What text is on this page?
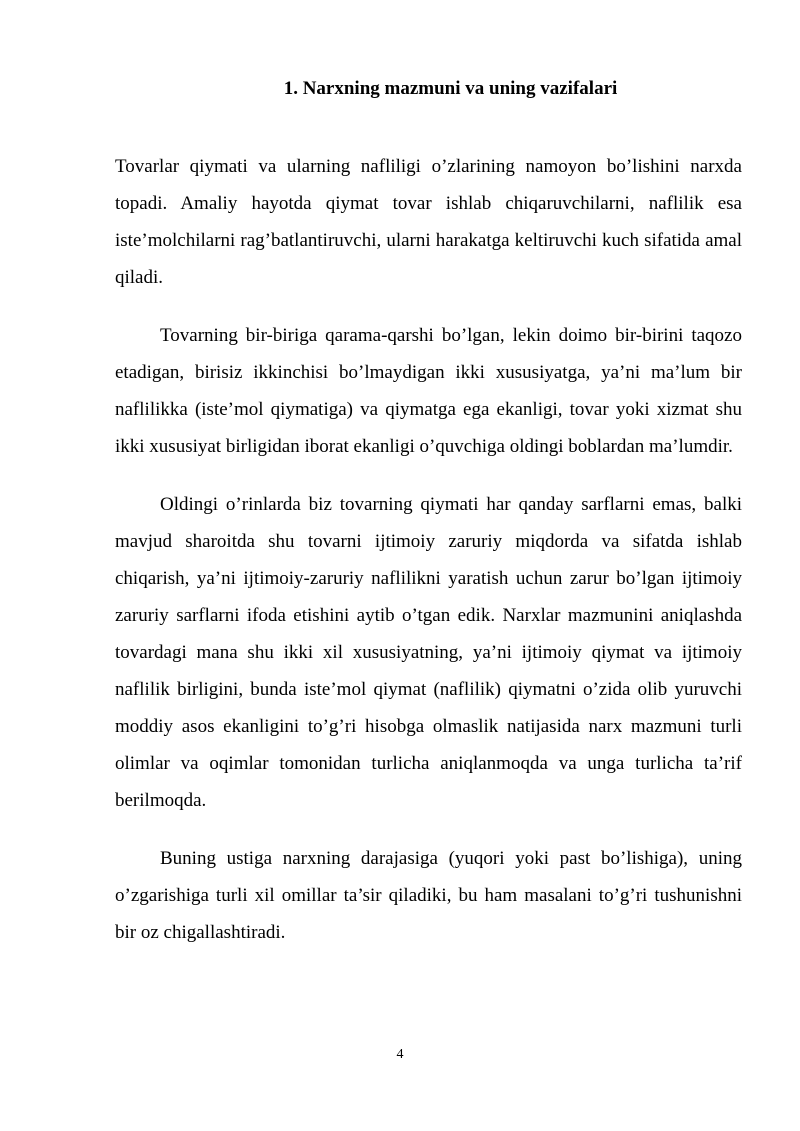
1. Narxning mazmuni va uning vazifalari

Tovarlar qiymati va ularning nafliligi o’zlarining namoyon bo’lishini narxda topadi. Amaliy hayotda qiymat tovar ishlab chiqaruvchilarni, naflilik esa iste’molchilarni rag’batlantiruvchi, ularni harakatga keltiruvchi kuch sifatida amal qiladi.

Tovarning bir-biriga qarama-qarshi bo’lgan, lekin doimo bir-birini taqozo etadigan, birisiz ikkinchisi bo’lmaydigan ikki xususiyatga, ya’ni ma’lum bir naflilikka (iste’mol qiymatiga) va qiymatga ega ekanligi, tovar yoki xizmat shu ikki xususiyat birligidan iborat ekanligi o’quvchiga oldingi boblardan ma’lumdir.

Oldingi o’rinlarda biz tovarning qiymati har qanday sarflarni emas, balki mavjud sharoitda shu tovarni ijtimoiy zaruriy miqdorda va sifatda ishlab chiqarish, ya’ni ijtimoiy-zaruriy naflilikni yaratish uchun zarur bo’lgan ijtimoiy zaruriy sarflarni ifoda etishini aytib o’tgan edik. Narxlar mazmunini aniqlashda tovardagi mana shu ikki xil xususiyatning, ya’ni ijtimoiy qiymat va ijtimoiy naflilik birligini, bunda iste’mol qiymat (naflilik) qiymatni o’zida olib yuruvchi moddiy asos ekanligini to’g’ri hisobga olmaslik natijasida narx mazmuni turli olimlar va oqimlar tomonidan turlicha aniqlanmoqda va unga turlicha ta’rif berilmoqda.

Buning ustiga narxning darajasiga (yuqori yoki past bo’lishiga), uning o’zgarishiga turli xil omillar ta’sir qiladiki, bu ham masalani to’g’ri tushunishni bir oz chigallashtiradi.

4
